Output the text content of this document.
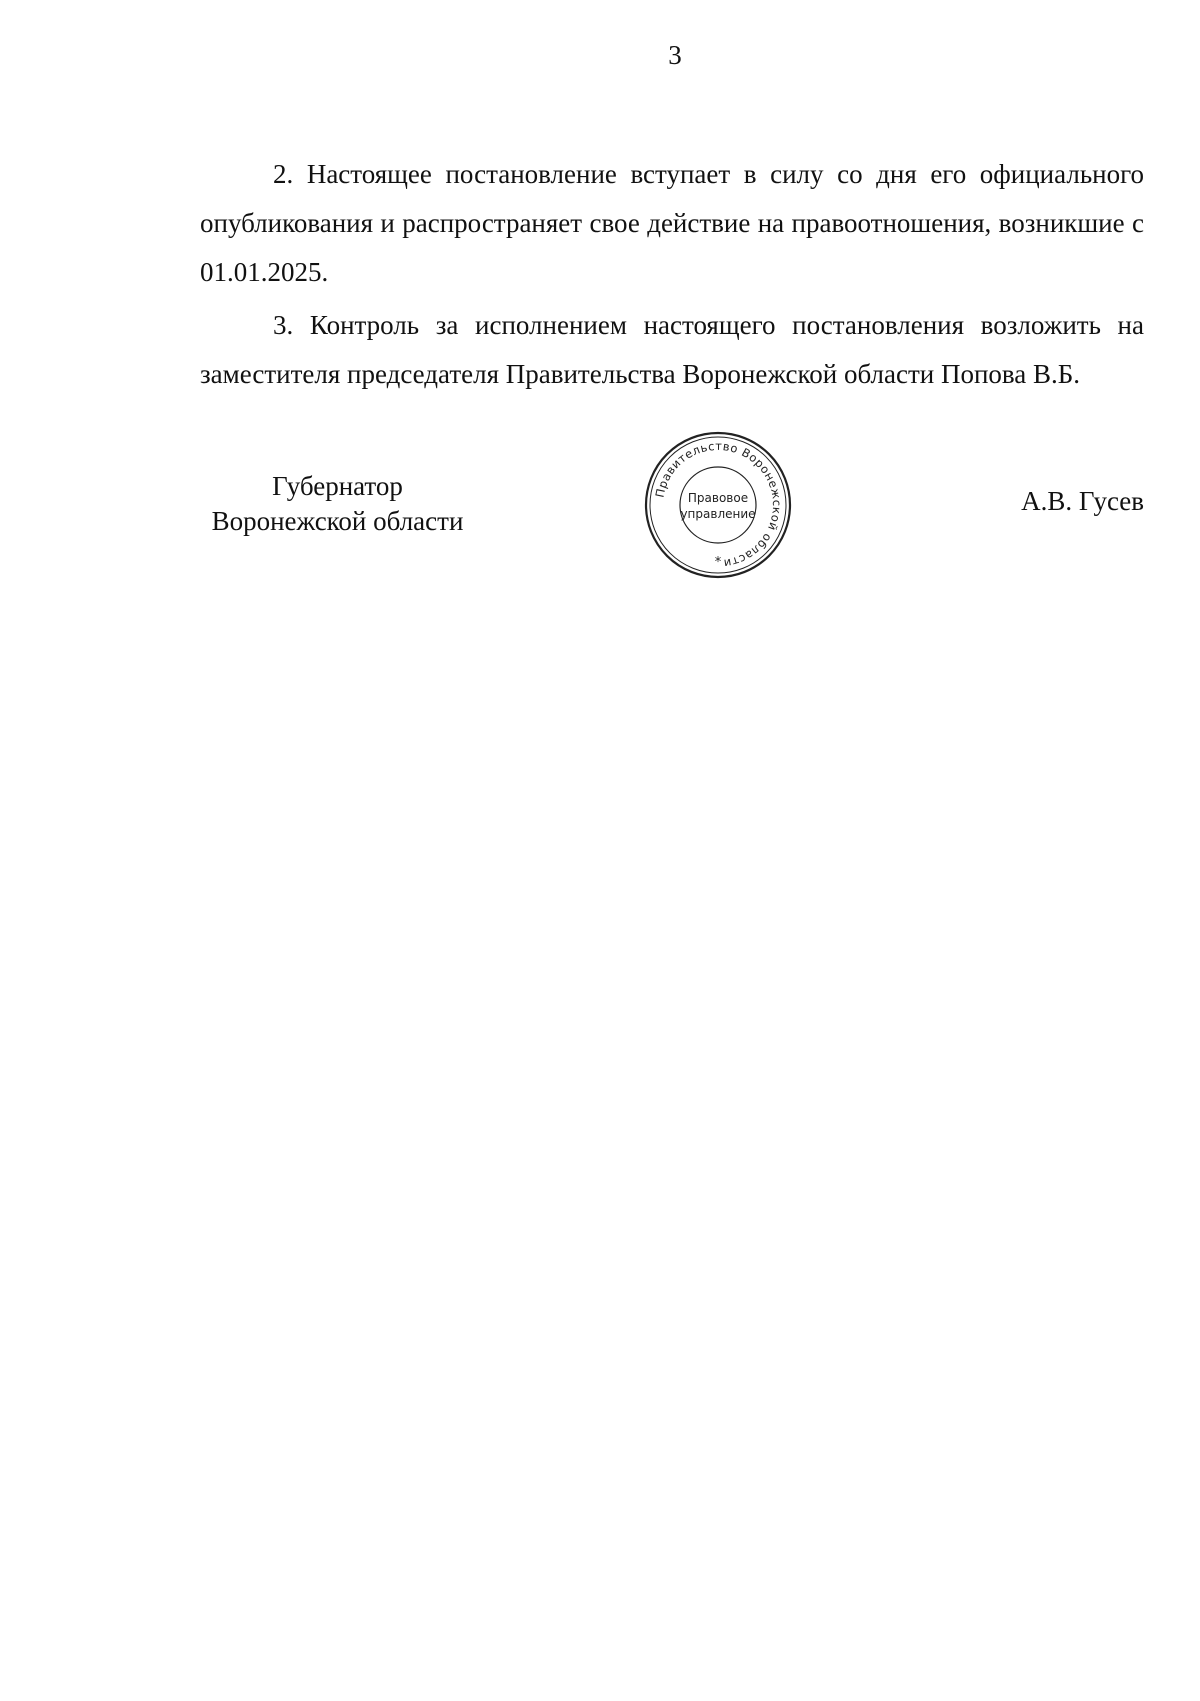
3

2. Настоящее постановление вступает в силу со дня его официального опубликования и распространяет свое действие на правоотношения, возникшие с 01.01.2025.

3. Контроль за исполнением настоящего постановления возложить на заместителя председателя Правительства Воронежской области Попова В.Б.

Губернатор
Воронежской области
Правительство Воронежской области
Правовое
управление
*
А.В. Гусев
